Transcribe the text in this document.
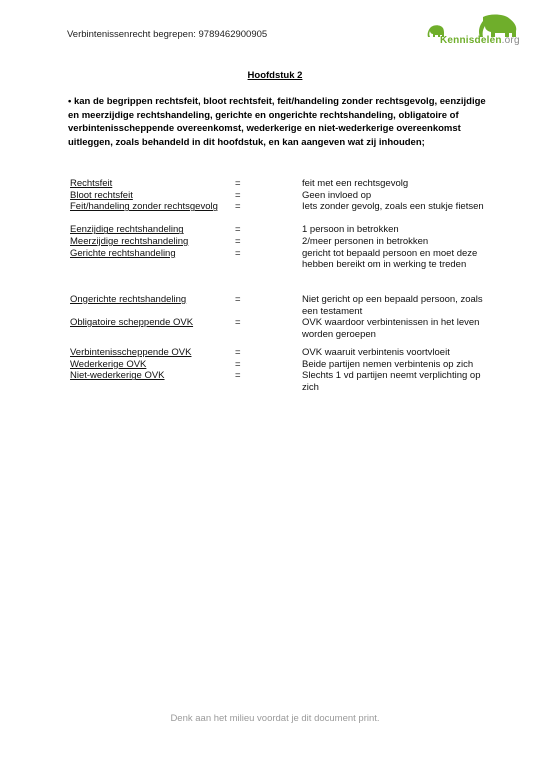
Verbintenissenrecht begrepen: 9789462900905
Kennisdelen.org
Hoofdstuk 2
• kan de begrippen rechtsfeit, bloot rechtsfeit, feit/handeling zonder rechtsgevolg, eenzijdige en meerzijdige rechtshandeling, gerichte en ongerichte rechtshandeling, obligatoire of verbintenisscheppende overeenkomst, wederkerige en niet-wederkerige overeenkomst uitleggen, zoals behandeld in dit hoofdstuk, en kan aangeven wat zij inhouden;
Rechtsfeit	=	feit met een rechtsgevolg
Bloot rechtsfeit	=	Geen invloed op
Feit/handeling zonder rechtsgevolg =	Iets zonder gevolg, zoals een stukje fietsen
Eenzijdige rechtshandeling	=	1 persoon in betrokken
Meerzijdige rechtshandeling	=	2/meer personen in betrokken
Gerichte rechtshandeling	=	gericht tot bepaald persoon en moet deze hebben bereikt om in werking te treden
Ongerichte rechtshandeling	=	Niet gericht op een bepaald persoon, zoals een testament
Obligatoire scheppende OVK	=	OVK waardoor verbintenissen in het leven worden geroepen
Verbintenisscheppende OVK	=	OVK waaruit verbintenis voortvloeit
Wederkerige OVK	=	Beide partijen nemen verbintenis op zich
Niet-wederkerige OVK	=	Slechts 1 vd partijen neemt verplichting op zich
Denk aan het milieu voordat je dit document print.
